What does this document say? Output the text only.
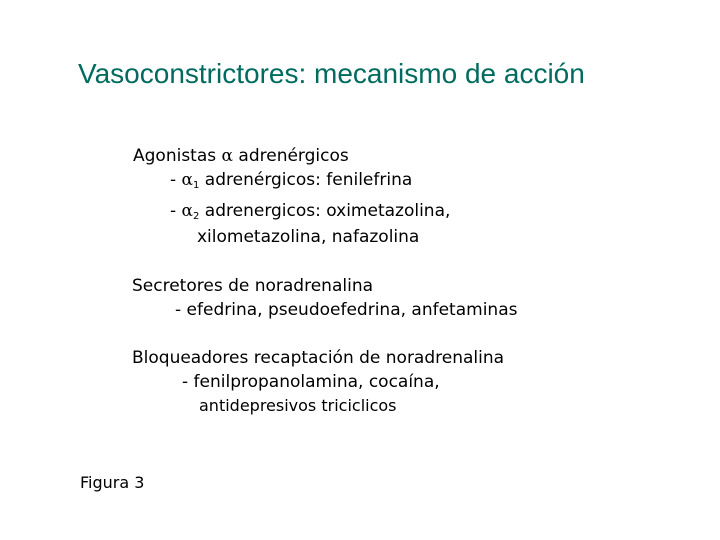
Vasoconstrictores: mecanismo de acción
Agonistas α adrenérgicos
- $\alpha_1$ adrenérgicos: fenilefrina
- $\alpha_2$ adrenergicos: oximetazolina,
xilometazolina, nafazolina
Secretores de noradrenalina
- efedrina, pseudoefedrina, anfetaminas
Bloqueadores recaptación de noradrenalina
- fenilpropanolamina, cocaína,
antidepresivos triciclicos
Figura 3
